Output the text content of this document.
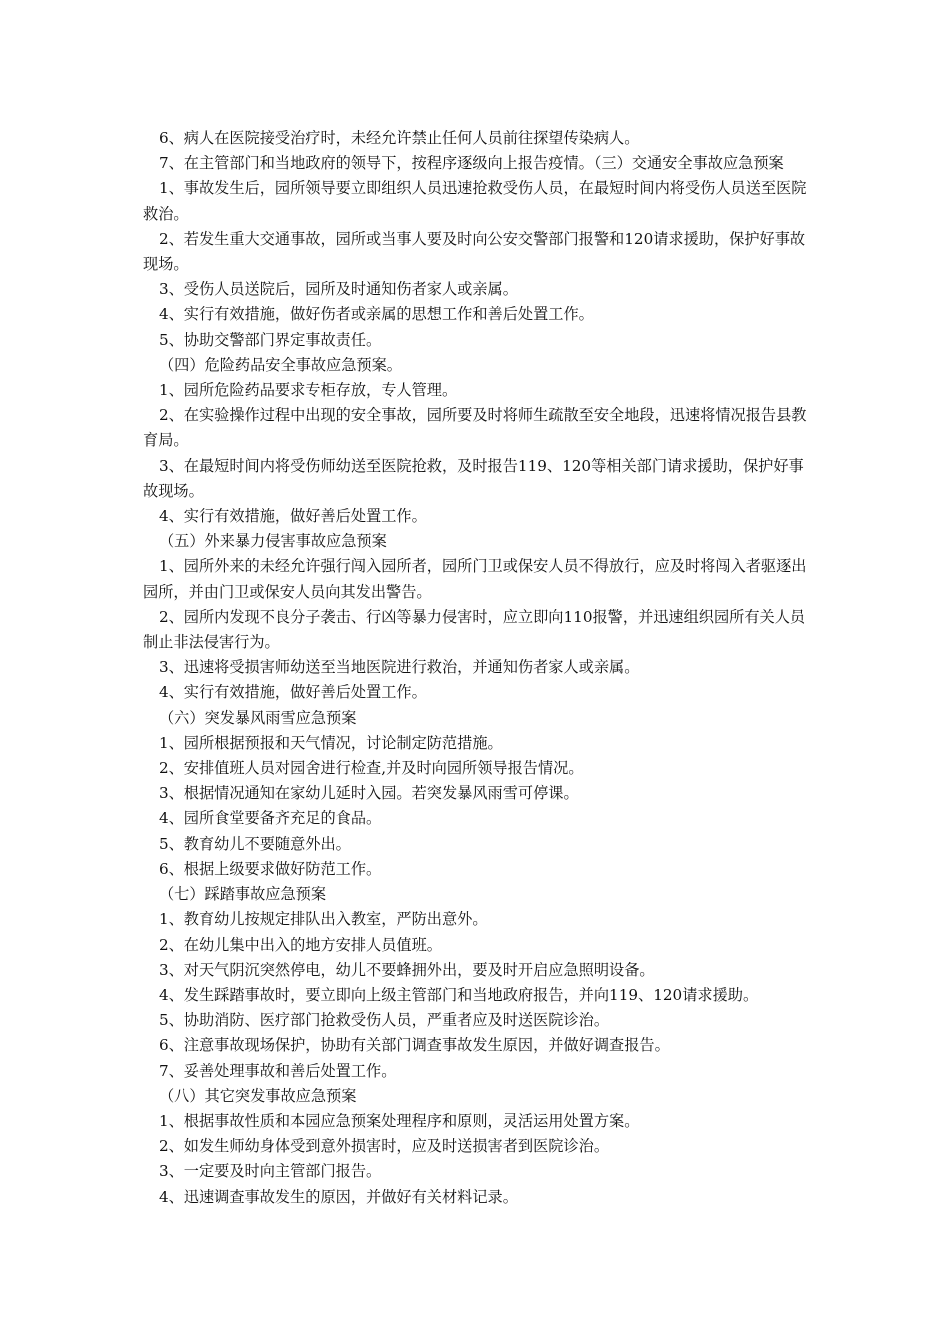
6、病人在医院接受治疗时，未经允许禁止任何人员前往探望传染病人。

7、在主管部门和当地政府的领导下，按程序逐级向上报告疫情。（三）交通安全事故应急预案

1、事故发生后，园所领导要立即组织人员迅速抢救受伤人员，在最短时间内将受伤人员送至医院救治。

2、若发生重大交通事故，园所或当事人要及时向公安交警部门报警和120请求援助，保护好事故现场。

3、受伤人员送院后，园所及时通知伤者家人或亲属。

4、实行有效措施，做好伤者或亲属的思想工作和善后处置工作。

5、协助交警部门界定事故责任。

（四）危险药品安全事故应急预案。

1、园所危险药品要求专柜存放，专人管理。

2、在实验操作过程中出现的安全事故，园所要及时将师生疏散至安全地段，迅速将情况报告县教育局。

3、在最短时间内将受伤师幼送至医院抢救，及时报告119、120等相关部门请求援助，保护好事故现场。

4、实行有效措施，做好善后处置工作。

（五）外来暴力侵害事故应急预案

1、园所外来的未经允许强行闯入园所者，园所门卫或保安人员不得放行，应及时将闯入者驱逐出园所，并由门卫或保安人员向其发出警告。

2、园所内发现不良分子袭击、行凶等暴力侵害时，应立即向110报警，并迅速组织园所有关人员制止非法侵害行为。

3、迅速将受损害师幼送至当地医院进行救治，并通知伤者家人或亲属。

4、实行有效措施，做好善后处置工作。

（六）突发暴风雨雪应急预案

1、园所根据预报和天气情况，讨论制定防范措施。

2、安排值班人员对园舍进行检查,并及时向园所领导报告情况。

3、根据情况通知在家幼儿延时入园。若突发暴风雨雪可停课。

4、园所食堂要备齐充足的食品。

5、教育幼儿不要随意外出。

6、根据上级要求做好防范工作。

（七）踩踏事故应急预案

1、教育幼儿按规定排队出入教室，严防出意外。

2、在幼儿集中出入的地方安排人员值班。

3、对天气阴沉突然停电，幼儿不要蜂拥外出，要及时开启应急照明设备。

4、发生踩踏事故时，要立即向上级主管部门和当地政府报告，并向119、120请求援助。

5、协助消防、医疗部门抢救受伤人员，严重者应及时送医院诊治。

6、注意事故现场保护，协助有关部门调查事故发生原因，并做好调查报告。

7、妥善处理事故和善后处置工作。

（八）其它突发事故应急预案

1、根据事故性质和本园应急预案处理程序和原则，灵活运用处置方案。

2、如发生师幼身体受到意外损害时，应及时送损害者到医院诊治。

3、一定要及时向主管部门报告。

4、迅速调查事故发生的原因，并做好有关材料记录。
